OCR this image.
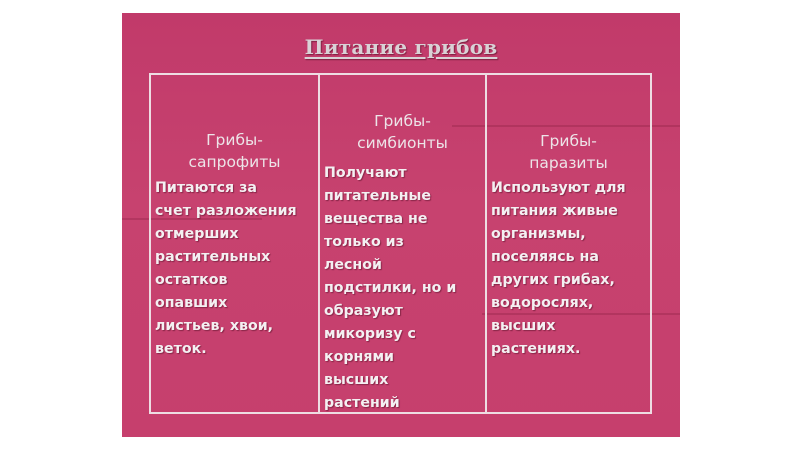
Питание грибов
Грибы-
сапрофиты
Питаются за
счет разложения
отмерших
растительных
остатков
опавших
листьев, хвои,
веток.
Грибы-
симбионты
Получают
питательные
вещества не
только из
лесной
подстилки, но и
образуют
микоризу с
корнями
высших
растений
Грибы-
паразиты
Используют для
питания живые
организмы,
поселяясь на
других грибах,
водорослях,
высших
растениях.
